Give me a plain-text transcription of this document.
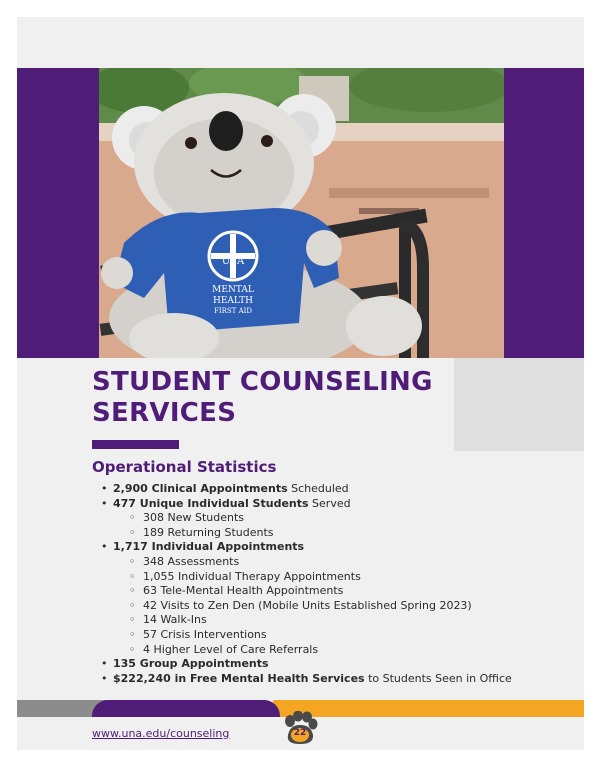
USA
MENTAL
HEALTH
FIRST AID
STUDENT COUNSELING
SERVICES
Operational Statistics
• 2,900 Clinical Appointments Scheduled
• 477 Unique Individual Students Served
◦ 308 New Students
◦ 189 Returning Students
• 1,717 Individual Appointments
◦ 348 Assessments
◦ 1,055 Individual Therapy Appointments
◦ 63 Tele-Mental Health Appointments
◦ 42 Visits to Zen Den (Mobile Units Established Spring 2023)
◦ 14 Walk-Ins
◦ 57 Crisis Interventions
◦ 4 Higher Level of Care Referrals
• 135 Group Appointments
• $222,240 in Free Mental Health Services to Students Seen in Office
www.una.edu/counseling	22
